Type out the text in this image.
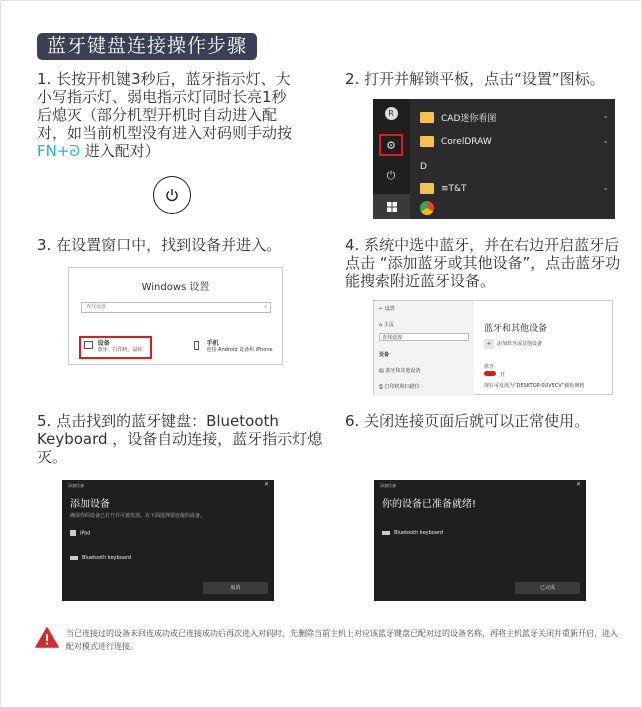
蓝牙键盘连接操作步骤
1. 长按开机键3秒后，蓝牙指示灯、大小写指示灯、弱电指示灯同时长亮1秒后熄灭（部分机型开机时自动进入配对，如当前机型没有进入对码则手动按 FN+ᘐ 进入配对）
2. 打开并解锁平板，点击“设置”图标。
R
⚙
⏻
CAD迷你看图	⌄
CorelDRAW	⌄
D
≡T&T	⌄
3. 在设置窗口中，找到设备并进入。
Windows 设置
查找设置	⌕
设备
蓝牙、打印机、鼠标
手机
连接 Android 设备和 iPhone
4. 系统中选中蓝牙，并在右边开启蓝牙后点击 “添加蓝牙或其他设备”，点击蓝牙功能搜索附近蓝牙设备。
← 设置
⌂ 主页
查找设置
设备
▤ 蓝牙和其他设备
⎙ 打印机和扫描仪
蓝牙和其他设备
+ 添加蓝牙或其他设备
蓝牙
开
现在可发现为“DESKTOP-0UV5CV”被检测到
5. 点击找到的蓝牙键盘：Bluetooth Keyboard ，设备自动连接，蓝牙指示灯熄灭。
添加设备	✕
添加设备
确保你的设备已打开并可被发现。在下面选择要连接的设备。
iPad
Bluetooth keyboard
取消
6. 关闭连接页面后就可以正常使用。
添加设备	✕
你的设备已准备就绪!
Bluetooth keyboard
已完成
当已连接过的设备未回连成功或已连接成功后再次进入对码时，先删除当前主机上对应该蓝牙键盘已配对过的设备名称，再将主机蓝牙关闭并重新开启，进入配对模式进行连接。
